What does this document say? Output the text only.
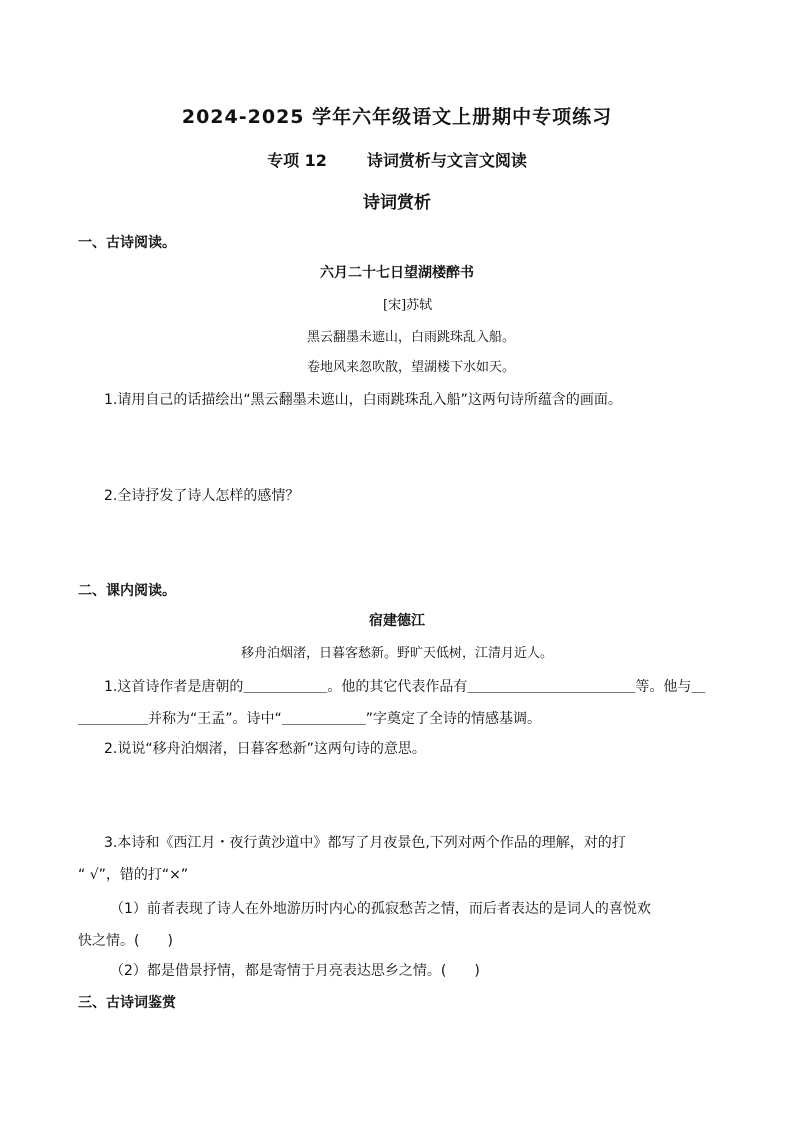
2024-2025 学年六年级语文上册期中专项练习
专项 12	诗词赏析与文言文阅读
诗词赏析
一、古诗阅读。
六月二十七日望湖楼醉书
[宋]苏轼
黑云翻墨未遮山，白雨跳珠乱入船。
卷地风来忽吹散，望湖楼下水如天。
1.请用自己的话描绘出“黑云翻墨未遮山，白雨跳珠乱入船”这两句诗所蕴含的画面。
2.全诗抒发了诗人怎样的感情？
二、课内阅读。
宿建德江
移舟泊烟渚，日暮客愁新。野旷天低树，江清月近人。
1.这首诗作者是唐朝的＿＿＿＿＿＿。他的其它代表作品有＿＿＿＿＿＿＿＿＿＿＿＿等。他与＿
＿＿＿＿＿并称为“王孟”。诗中“＿＿＿＿＿＿”字奠定了全诗的情感基调。
2.说说“移舟泊烟渚，日暮客愁新”这两句诗的意思。
3.本诗和《西江月・夜行黄沙道中》都写了月夜景色,下列对两个作品的理解，对的打
“ √”，错的打“×”
（1）前者表现了诗人在外地游历时内心的孤寂愁苦之情，而后者表达的是词人的喜悦欢
快之情。(　　)
（2）都是借景抒情，都是寄情于月亮表达思乡之情。(　　)
三、古诗词鉴赏
